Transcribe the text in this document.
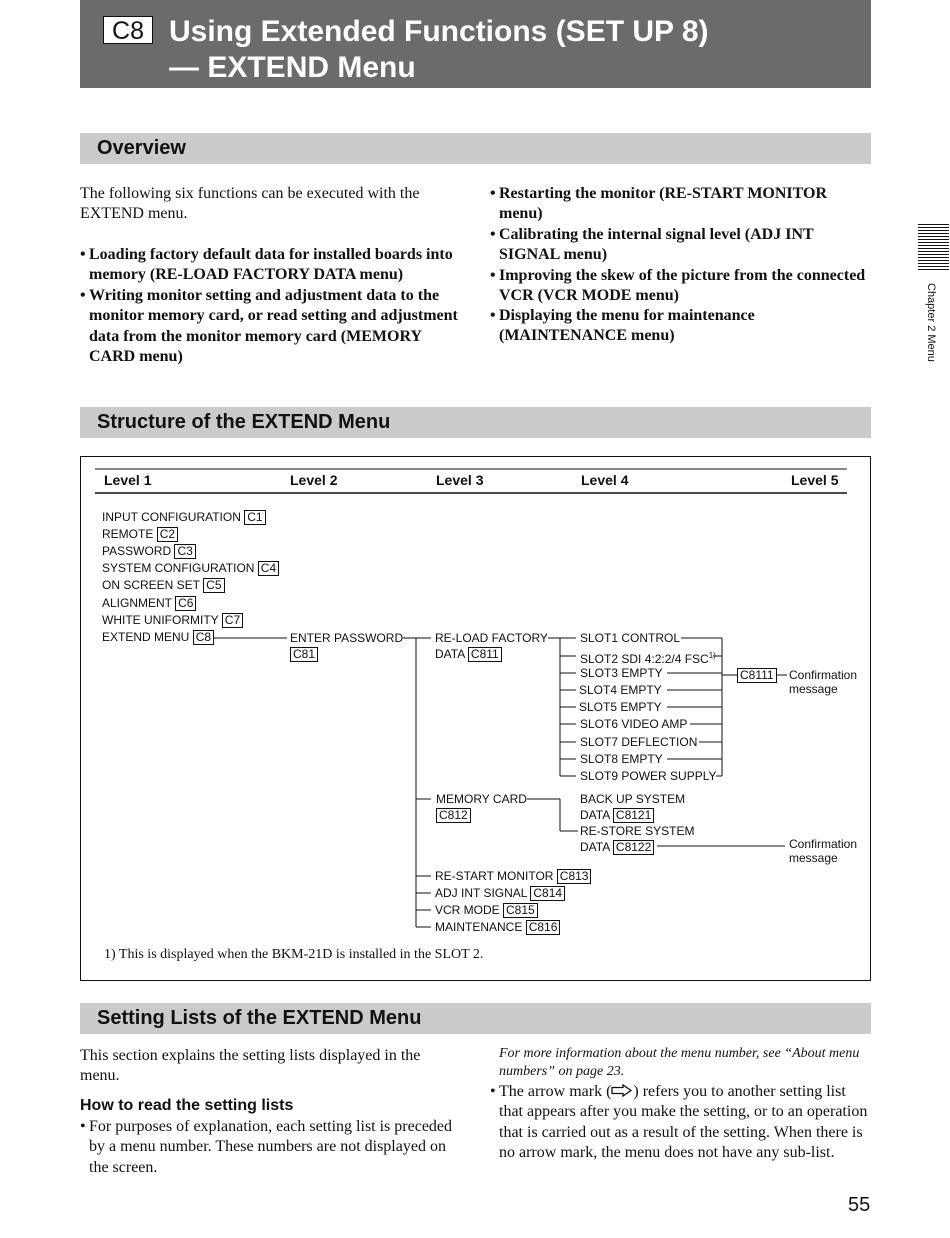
C8 Using Extended Functions (SET UP 8)
— EXTEND Menu
Chapter 2 Menu
Overview
The following six functions can be executed with the EXTEND menu.
• Loading factory default data for installed boards into memory (RE-LOAD FACTORY DATA menu)
• Writing monitor setting and adjustment data to the monitor memory card, or read setting and adjustment data from the monitor memory card (MEMORY CARD menu)
• Restarting the monitor (RE-START MONITOR menu)
• Calibrating the internal signal level (ADJ INT SIGNAL menu)
• Improving the skew of the picture from the connected VCR (VCR MODE menu)
• Displaying the menu for maintenance (MAINTENANCE menu)
Structure of the EXTEND Menu
Level 1	Level 2	Level 3	Level 4	Level 5
INPUT CONFIGURATION C1
REMOTE C2
PASSWORD C3
SYSTEM CONFIGURATION C4
ON SCREEN SET C5
ALIGNMENT C6
WHITE UNIFORMITY C7
EXTEND MENU C8	ENTER PASSWORD
C81
RE-LOAD FACTORY
DATA C811
MEMORY CARD
C812
RE-START MONITOR C813
ADJ INT SIGNAL C814
VCR MODE C815
MAINTENANCE C816
SLOT1 CONTROL
SLOT2 SDI 4:2:2/4 FSC$^{1)}$
SLOT3 EMPTY
SLOT4 EMPTY
SLOT5 EMPTY
SLOT6 VIDEO AMP
SLOT7 DEFLECTION
SLOT8 EMPTY
SLOT9 POWER SUPPLY
C8111 Confirmation
message
BACK UP SYSTEM
DATA C8121
RE-STORE SYSTEM
DATA C8122	Confirmation
message
1) This is displayed when the BKM-21D is installed in the SLOT 2.
Setting Lists of the EXTEND Menu
This section explains the setting lists displayed in the menu.
How to read the setting lists
• For purposes of explanation, each setting list is preceded by a menu number. These numbers are not displayed on the screen.
For more information about the menu number, see “About menu numbers” on page 23.
• The arrow mark ( ) refers you to another setting list that appears after you make the setting, or to an operation that is carried out as a result of the setting. When there is no arrow mark, the menu does not have any sub-list.
55
